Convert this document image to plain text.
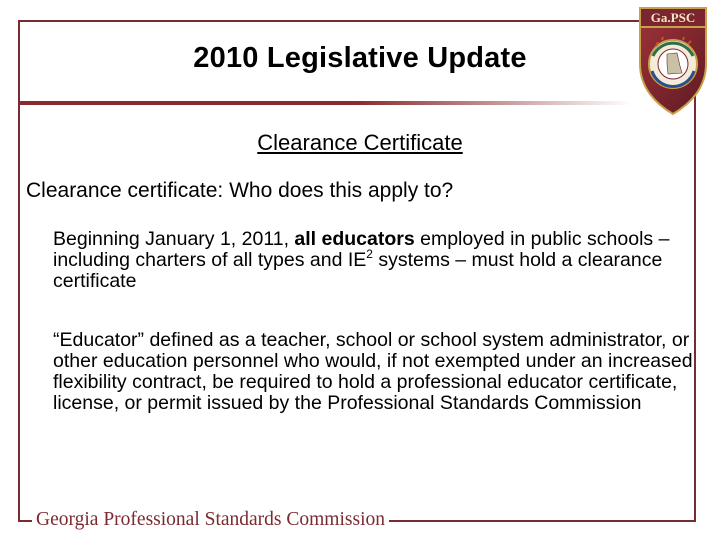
2010 Legislative Update
Ga.PSC
Clearance Certificate
Clearance certificate: Who does this apply to?
Beginning January 1, 2011, all educators employed in public schools – including charters of all types and $IE^2$ systems – must hold a clearance certificate
“Educator” defined as a teacher, school or school system administrator, or other education personnel who would, if not exempted under an increased flexibility contract, be required to hold a professional educator certificate, license, or permit issued by the Professional Standards Commission
Georgia Professional Standards Commission
